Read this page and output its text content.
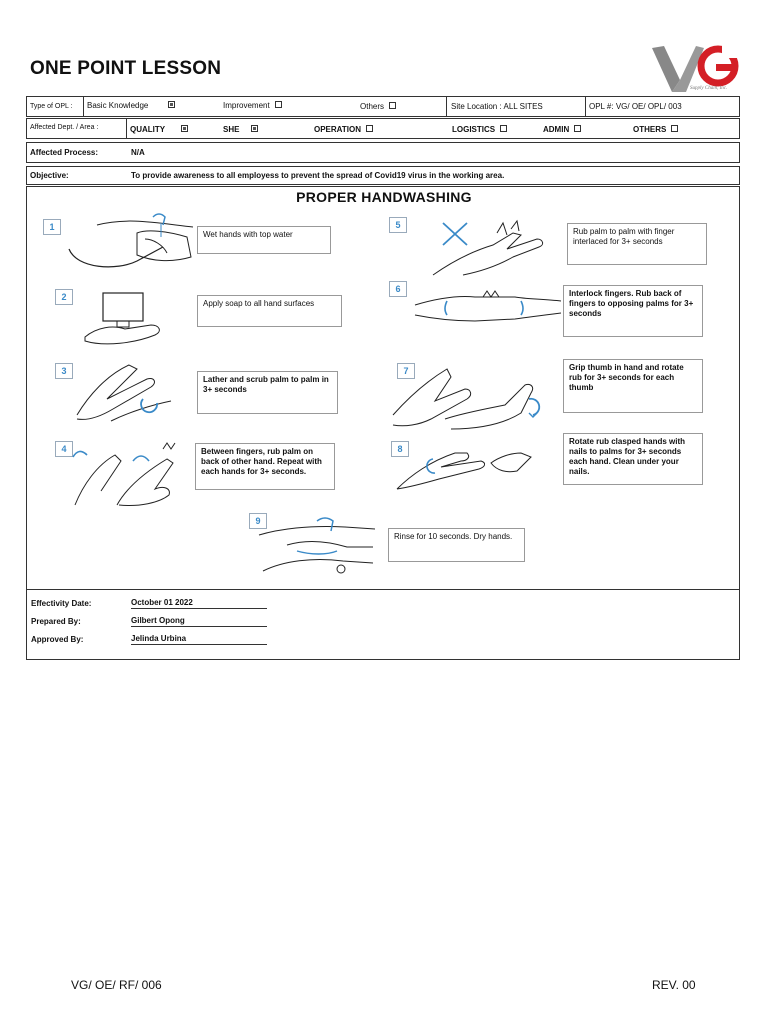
ONE POINT LESSON
Supply Chain, Inc.
Type of OPL : Basic Knowledge	Improvement	Others	Site Location : ALL SITES	OPL #: VG/ OE/ OPL/ 003
Affected Dept. / Area :	QUALITY	SHE	OPERATION	LOGISTICS	ADMIN	OTHERS
Affected Process:	N/A
Objective:	To provide awareness to all employess to prevent the spread of Covid19 virus in the working area.
PROPER HANDWASHING
1
Wet hands with top water
2
Apply soap to all hand surfaces
3
Lather and scrub palm to palm in 3+ seconds
4	Between fingers, rub palm on back of other hand. Repeat with each hands for 3+ seconds.
5
Rub palm to palm with finger interlaced for 3+ seconds
6	Interlock fingers. Rub back of fingers to opposing palms for 3+ seconds
7	Grip thumb in hand and rotate rub for 3+ seconds for each thumb
8
Rotate rub clasped hands with nails to palms for 3+ seconds each hand. Clean under your nails.
9
Rinse for 10 seconds. Dry hands.
Effectivity Date:	October 01 2022
Prepared By:	Gilbert Opong
Approved By:	Jelinda Urbina
VG/ OE/ RF/ 006	REV. 00
